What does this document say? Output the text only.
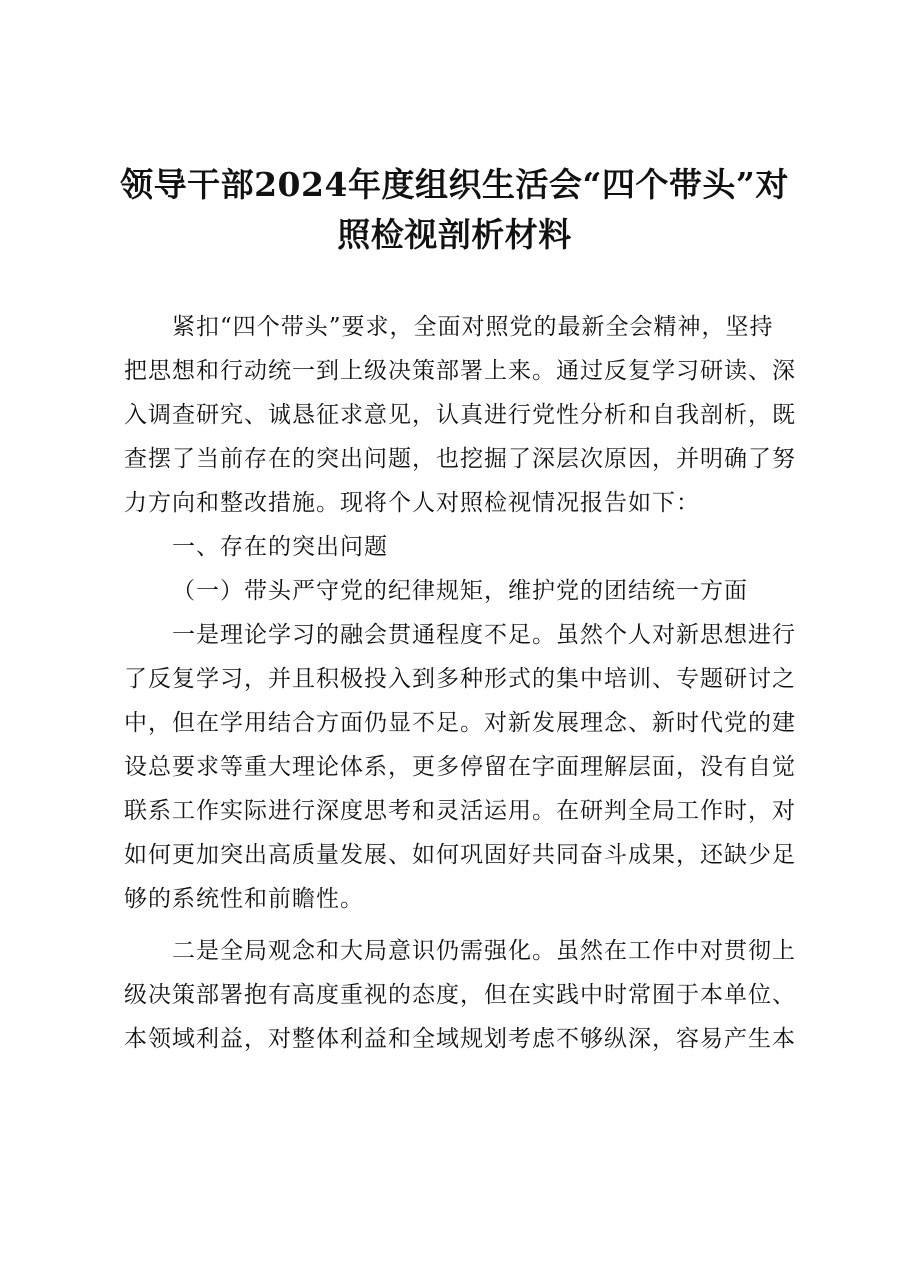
领导干部2024年度组织生活会“四个带头”对
照检视剖析材料
紧扣“四个带头”要求，全面对照党的最新全会精神，坚持
把思想和行动统一到上级决策部署上来。通过反复学习研读、深
入调查研究、诚恳征求意见，认真进行党性分析和自我剖析，既
查摆了当前存在的突出问题，也挖掘了深层次原因，并明确了努
力方向和整改措施。现将个人对照检视情况报告如下：

一、存在的突出问题

（一）带头严守党的纪律规矩，维护党的团结统一方面

一是理论学习的融会贯通程度不足。虽然个人对新思想进行
了反复学习，并且积极投入到多种形式的集中培训、专题研讨之
中，但在学用结合方面仍显不足。对新发展理念、新时代党的建
设总要求等重大理论体系，更多停留在字面理解层面，没有自觉
联系工作实际进行深度思考和灵活运用。在研判全局工作时，对
如何更加突出高质量发展、如何巩固好共同奋斗成果，还缺少足
够的系统性和前瞻性。
二是全局观念和大局意识仍需强化。虽然在工作中对贯彻上
级决策部署抱有高度重视的态度，但在实践中时常囿于本单位、
本领域利益，对整体利益和全域规划考虑不够纵深，容易产生本
